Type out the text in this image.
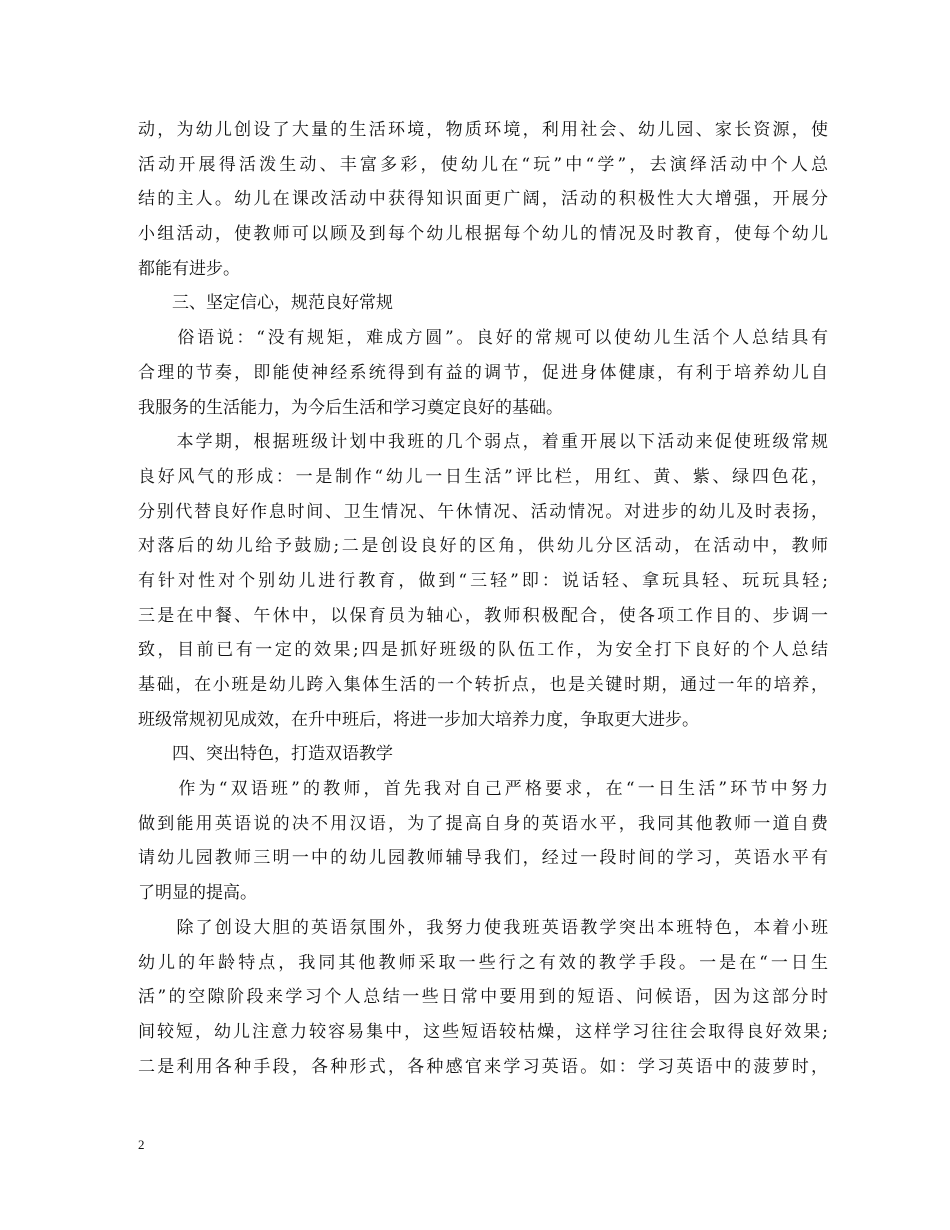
动，为幼儿创设了大量的生活环境，物质环境，利用社会、幼儿园、家长资源，使
活动开展得活泼生动、丰富多彩，使幼儿在“玩”中“学”，去演绎活动中个人总
结的主人。幼儿在课改活动中获得知识面更广阔，活动的积极性大大增强，开展分
小组活动，使教师可以顾及到每个幼儿根据每个幼儿的情况及时教育，使每个幼儿
都能有进步。
　　三、坚定信心，规范良好常规
　　俗语说：“没有规矩，难成方圆”。良好的常规可以使幼儿生活个人总结具有
合理的节奏，即能使神经系统得到有益的调节，促进身体健康，有利于培养幼儿自
我服务的生活能力，为今后生活和学习奠定良好的基础。
　　本学期，根据班级计划中我班的几个弱点，着重开展以下活动来促使班级常规
良好风气的形成：一是制作“幼儿一日生活”评比栏，用红、黄、紫、绿四色花，
分别代替良好作息时间、卫生情况、午休情况、活动情况。对进步的幼儿及时表扬，
对落后的幼儿给予鼓励;二是创设良好的区角，供幼儿分区活动，在活动中，教师
有针对性对个别幼儿进行教育，做到“三轻”即：说话轻、拿玩具轻、玩玩具轻;
三是在中餐、午休中，以保育员为轴心，教师积极配合，使各项工作目的、步调一
致，目前已有一定的效果;四是抓好班级的队伍工作，为安全打下良好的个人总结
基础，在小班是幼儿跨入集体生活的一个转折点，也是关键时期，通过一年的培养，
班级常规初见成效，在升中班后，将进一步加大培养力度，争取更大进步。
　　四、突出特色，打造双语教学
　　作为“双语班”的教师，首先我对自己严格要求，在“一日生活”环节中努力
做到能用英语说的决不用汉语，为了提高自身的英语水平，我同其他教师一道自费
请幼儿园教师三明一中的幼儿园教师辅导我们，经过一段时间的学习，英语水平有
了明显的提高。
　　除了创设大胆的英语氛围外，我努力使我班英语教学突出本班特色，本着小班
幼儿的年龄特点，我同其他教师采取一些行之有效的教学手段。一是在“一日生
活”的空隙阶段来学习个人总结一些日常中要用到的短语、问候语，因为这部分时
间较短，幼儿注意力较容易集中，这些短语较枯燥，这样学习往往会取得良好效果;
二是利用各种手段，各种形式，各种感官来学习英语。如：学习英语中的菠萝时，
2
